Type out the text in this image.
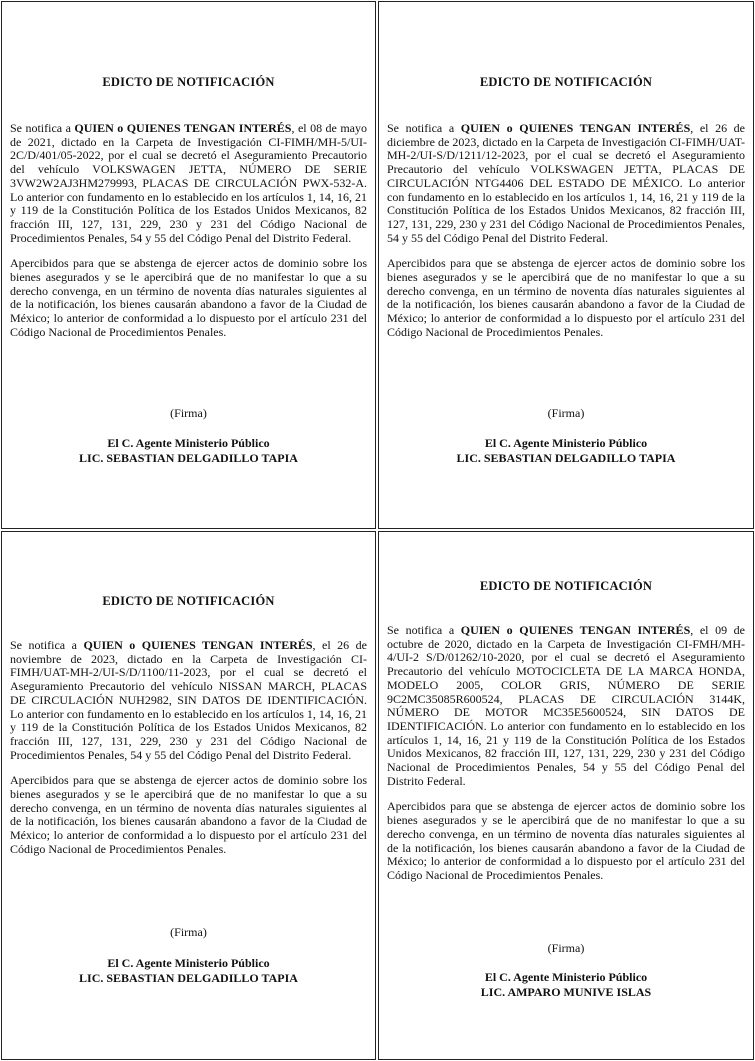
EDICTO DE NOTIFICACIÓN

Se notifica a QUIEN o QUIENES TENGAN INTERÉS, el 08 de mayo de 2021, dictado en la Carpeta de Investigación CI-FIMH/MH-5/UI-2C/D/401/05-2022, por el cual se decretó el Aseguramiento Precautorio del vehículo VOLKSWAGEN JETTA, NÚMERO DE SERIE 3VW2W2AJ3HM279993, PLACAS DE CIRCULACIÓN PWX-532-A. Lo anterior con fundamento en lo establecido en los artículos 1, 14, 16, 21 y 119 de la Constitución Política de los Estados Unidos Mexicanos, 82 fracción III, 127, 131, 229, 230 y 231 del Código Nacional de Procedimientos Penales, 54 y 55 del Código Penal del Distrito Federal.

Apercibidos para que se abstenga de ejercer actos de dominio sobre los bienes asegurados y se le apercibirá que de no manifestar lo que a su derecho convenga, en un término de noventa días naturales siguientes al de la notificación, los bienes causarán abandono a favor de la Ciudad de México; lo anterior de conformidad a lo dispuesto por el artículo 231 del Código Nacional de Procedimientos Penales.

(Firma)
El C. Agente Ministerio Público
LIC. SEBASTIAN DELGADILLO TAPIA
EDICTO DE NOTIFICACIÓN

Se notifica a QUIEN o QUIENES TENGAN INTERÉS, el 26 de diciembre de 2023, dictado en la Carpeta de Investigación CI-FIMH/UAT-MH-2/UI-S/D/1211/12-2023, por el cual se decretó el Aseguramiento Precautorio del vehículo VOLKSWAGEN JETTA, PLACAS DE CIRCULACIÓN NTG4406 DEL ESTADO DE MÉXICO. Lo anterior con fundamento en lo establecido en los artículos 1, 14, 16, 21 y 119 de la Constitución Política de los Estados Unidos Mexicanos, 82 fracción III, 127, 131, 229, 230 y 231 del Código Nacional de Procedimientos Penales, 54 y 55 del Código Penal del Distrito Federal.

Apercibidos para que se abstenga de ejercer actos de dominio sobre los bienes asegurados y se le apercibirá que de no manifestar lo que a su derecho convenga, en un término de noventa días naturales siguientes al de la notificación, los bienes causarán abandono a favor de la Ciudad de México; lo anterior de conformidad a lo dispuesto por el artículo 231 del Código Nacional de Procedimientos Penales.

(Firma)
El C. Agente Ministerio Público
LIC. SEBASTIAN DELGADILLO TAPIA
EDICTO DE NOTIFICACIÓN

Se notifica a QUIEN o QUIENES TENGAN INTERÉS, el 26 de noviembre de 2023, dictado en la Carpeta de Investigación CI-FIMH/UAT-MH-2/UI-S/D/1100/11-2023, por el cual se decretó el Aseguramiento Precautorio del vehículo NISSAN MARCH, PLACAS DE CIRCULACIÓN NUH2982, SIN DATOS DE IDENTIFICACIÓN. Lo anterior con fundamento en lo establecido en los artículos 1, 14, 16, 21 y 119 de la Constitución Política de los Estados Unidos Mexicanos, 82 fracción III, 127, 131, 229, 230 y 231 del Código Nacional de Procedimientos Penales, 54 y 55 del Código Penal del Distrito Federal.

Apercibidos para que se abstenga de ejercer actos de dominio sobre los bienes asegurados y se le apercibirá que de no manifestar lo que a su derecho convenga, en un término de noventa días naturales siguientes al de la notificación, los bienes causarán abandono a favor de la Ciudad de México; lo anterior de conformidad a lo dispuesto por el artículo 231 del Código Nacional de Procedimientos Penales.

(Firma)
El C. Agente Ministerio Público
LIC. SEBASTIAN DELGADILLO TAPIA
EDICTO DE NOTIFICACIÓN

Se notifica a QUIEN o QUIENES TENGAN INTERÉS, el 09 de octubre de 2020, dictado en la Carpeta de Investigación CI-FMH/MH-4/UI-2 S/D/01262/10-2020, por el cual se decretó el Aseguramiento Precautorio del vehículo MOTOCICLETA DE LA MARCA HONDA, MODELO 2005, COLOR GRIS, NÚMERO DE SERIE 9C2MC35085R600524, PLACAS DE CIRCULACIÓN 3144K, NÚMERO DE MOTOR MC35E5600524, SIN DATOS DE IDENTIFICACIÓN. Lo anterior con fundamento en lo establecido en los artículos 1, 14, 16, 21 y 119 de la Constitución Política de los Estados Unidos Mexicanos, 82 fracción III, 127, 131, 229, 230 y 231 del Código Nacional de Procedimientos Penales, 54 y 55 del Código Penal del Distrito Federal.

Apercibidos para que se abstenga de ejercer actos de dominio sobre los bienes asegurados y se le apercibirá que de no manifestar lo que a su derecho convenga, en un término de noventa días naturales siguientes al de la notificación, los bienes causarán abandono a favor de la Ciudad de México; lo anterior de conformidad a lo dispuesto por el artículo 231 del Código Nacional de Procedimientos Penales.

(Firma)
El C. Agente Ministerio Público
LIC. AMPARO MUNIVE ISLAS
